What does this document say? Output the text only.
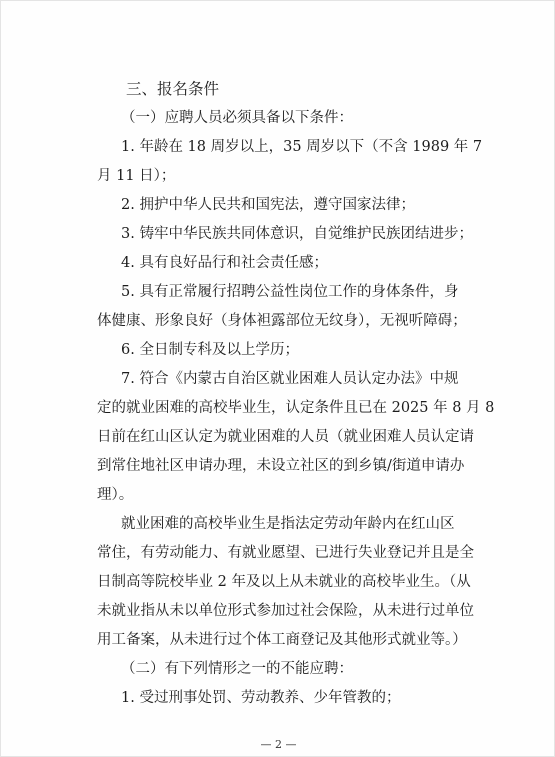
三、报名条件
（一）应聘人员必须具备以下条件：
1. 年龄在 18 周岁以上，35 周岁以下（不含 1989 年 7
月 11 日）；
2. 拥护中华人民共和国宪法，遵守国家法律；
3. 铸牢中华民族共同体意识，自觉维护民族团结进步；
4. 具有良好品行和社会责任感；
5. 具有正常履行招聘公益性岗位工作的身体条件，身
体健康、形象良好（身体袒露部位无纹身），无视听障碍；
6. 全日制专科及以上学历；
7. 符合《内蒙古自治区就业困难人员认定办法》中规
定的就业困难的高校毕业生，认定条件且已在 2025 年 8 月 8
日前在红山区认定为就业困难的人员（就业困难人员认定请
到常住地社区申请办理，未设立社区的到乡镇/街道申请办
理）。
就业困难的高校毕业生是指法定劳动年龄内在红山区
常住，有劳动能力、有就业愿望、已进行失业登记并且是全
日制高等院校毕业 2 年及以上从未就业的高校毕业生。（从
未就业指从未以单位形式参加过社会保险，从未进行过单位
用工备案，从未进行过个体工商登记及其他形式就业等。）
（二）有下列情形之一的不能应聘：
1. 受过刑事处罚、劳动教养、少年管教的；
— 2 —
